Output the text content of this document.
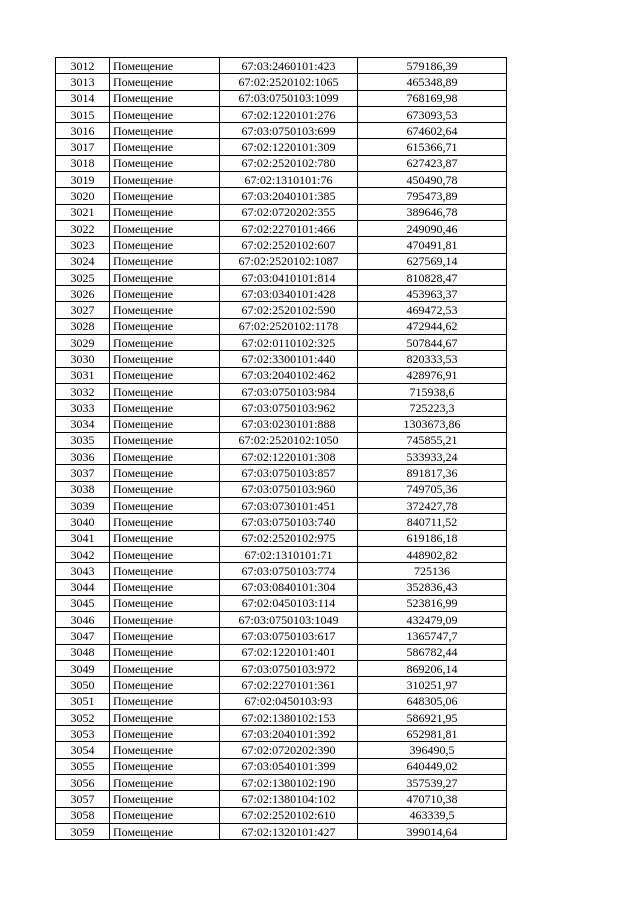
3012	Помещение	67:03:2460101:423	579186,39
3013	Помещение	67:02:2520102:1065	465348,89
3014	Помещение	67:03:0750103:1099	768169,98
3015	Помещение	67:02:1220101:276	673093,53
3016	Помещение	67:03:0750103:699	674602,64
3017	Помещение	67:02:1220101:309	615366,71
3018	Помещение	67:02:2520102:780	627423,87
3019	Помещение	67:02:1310101:76	450490,78
3020	Помещение	67:03:2040101:385	795473,89
3021	Помещение	67:02:0720202:355	389646,78
3022	Помещение	67:02:2270101:466	249090,46
3023	Помещение	67:02:2520102:607	470491,81
3024	Помещение	67:02:2520102:1087	627569,14
3025	Помещение	67:03:0410101:814	810828,47
3026	Помещение	67:03:0340101:428	453963,37
3027	Помещение	67:02:2520102:590	469472,53
3028	Помещение	67:02:2520102:1178	472944,62
3029	Помещение	67:02:0110102:325	507844,67
3030	Помещение	67:02:3300101:440	820333,53
3031	Помещение	67:03:2040102:462	428976,91
3032	Помещение	67:03:0750103:984	715938,6
3033	Помещение	67:03:0750103:962	725223,3
3034	Помещение	67:03:0230101:888	1303673,86
3035	Помещение	67:02:2520102:1050	745855,21
3036	Помещение	67:02:1220101:308	533933,24
3037	Помещение	67:03:0750103:857	891817,36
3038	Помещение	67:03:0750103:960	749705,36
3039	Помещение	67:03:0730101:451	372427,78
3040	Помещение	67:03:0750103:740	840711,52
3041	Помещение	67:02:2520102:975	619186,18
3042	Помещение	67:02:1310101:71	448902,82
3043	Помещение	67:03:0750103:774	725136
3044	Помещение	67:03:0840101:304	352836,43
3045	Помещение	67:02:0450103:114	523816,99
3046	Помещение	67:03:0750103:1049	432479,09
3047	Помещение	67:03:0750103:617	1365747,7
3048	Помещение	67:02:1220101:401	586782,44
3049	Помещение	67:03:0750103:972	869206,14
3050	Помещение	67:02:2270101:361	310251,97
3051	Помещение	67:02:0450103:93	648305,06
3052	Помещение	67:02:1380102:153	586921,95
3053	Помещение	67:03:2040101:392	652981,81
3054	Помещение	67:02:0720202:390	396490,5
3055	Помещение	67:03:0540101:399	640449,02
3056	Помещение	67:02:1380102:190	357539,27
3057	Помещение	67:02:1380104:102	470710,38
3058	Помещение	67:02:2520102:610	463339,5
3059	Помещение	67:02:1320101:427	399014,64
